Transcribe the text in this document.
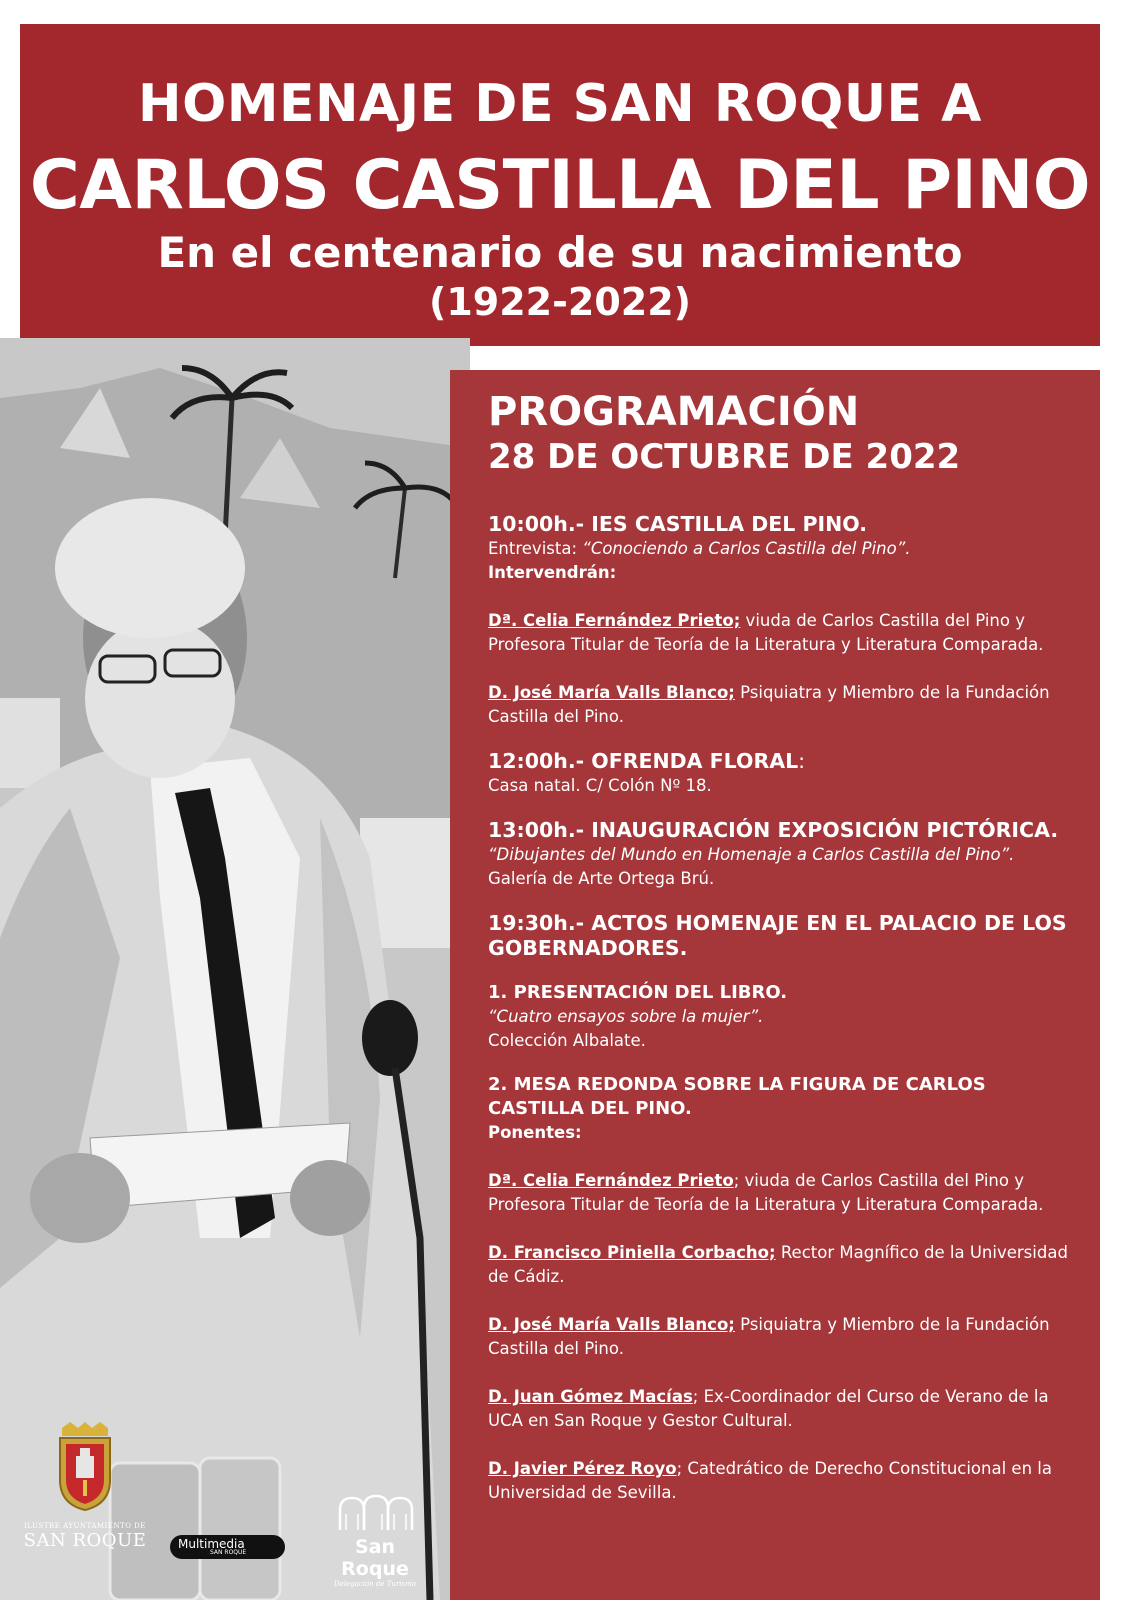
HOMENAJE DE SAN ROQUE A
CARLOS CASTILLA DEL PINO
En el centenario de su nacimiento
(1922-2022)
PROGRAMACIÓN
28 DE OCTUBRE DE 2022
10:00h.- IES CASTILLA DEL PINO.
Entrevista: “Conociendo a Carlos Castilla del Pino”.
Intervendrán:
Dª. Celia Fernández Prieto; viuda de Carlos Castilla del Pino y Profesora Titular de Teoría de la Literatura y Literatura Comparada.
D. José María Valls Blanco; Psiquiatra y Miembro de la Fundación Castilla del Pino.
12:00h.- OFRENDA FLORAL:
Casa natal. C/ Colón Nº 18.
13:00h.- INAUGURACIÓN EXPOSICIÓN PICTÓRICA.
“Dibujantes del Mundo en Homenaje a Carlos Castilla del Pino”.
Galería de Arte Ortega Brú.
19:30h.- ACTOS HOMENAJE EN EL PALACIO DE LOS GOBERNADORES.
1. PRESENTACIÓN DEL LIBRO.
“Cuatro ensayos sobre la mujer”.
Colección Albalate.
2. MESA REDONDA SOBRE LA FIGURA DE CARLOS CASTILLA DEL PINO.
Ponentes:
Dª. Celia Fernández Prieto; viuda de Carlos Castilla del Pino y Profesora Titular de Teoría de la Literatura y Literatura Comparada.
D. Francisco Piniella Corbacho; Rector Magnífico de la Universidad de Cádiz.
D. José María Valls Blanco; Psiquiatra y Miembro de la Fundación Castilla del Pino.
D. Juan Gómez Macías; Ex-Coordinador del Curso de Verano de la UCA en San Roque y Gestor Cultural.
D. Javier Pérez Royo; Catedrático de Derecho Constitucional en la Universidad de Sevilla.
ILUSTRE AYUNTAMIENTO DE
SAN ROQUE	Multimedia
SAN ROQUE	San Roque
Delegación de Turismo
